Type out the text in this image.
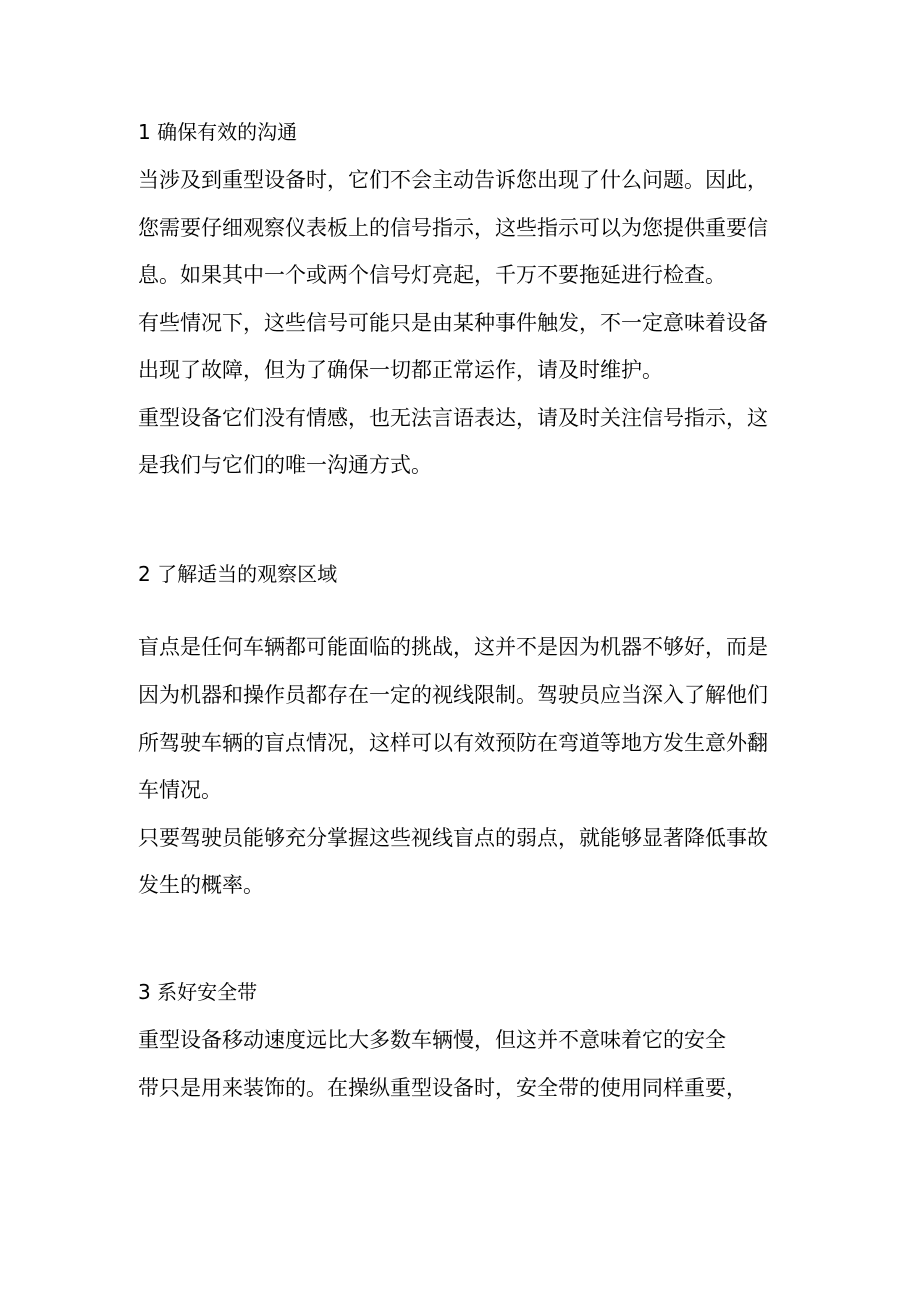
1 确保有效的沟通

当涉及到重型设备时，它们不会主动告诉您出现了什么问题。因此，

您需要仔细观察仪表板上的信号指示，这些指示可以为您提供重要信

息。如果其中一个或两个信号灯亮起，千万不要拖延进行检查。

有些情况下，这些信号可能只是由某种事件触发，不一定意味着设备

出现了故障，但为了确保一切都正常运作，请及时维护。

重型设备它们没有情感，也无法言语表达，请及时关注信号指示，这

是我们与它们的唯一沟通方式。

2 了解适当的观察区域

盲点是任何车辆都可能面临的挑战，这并不是因为机器不够好，而是

因为机器和操作员都存在一定的视线限制。驾驶员应当深入了解他们

所驾驶车辆的盲点情况，这样可以有效预防在弯道等地方发生意外翻

车情况。

只要驾驶员能够充分掌握这些视线盲点的弱点，就能够显著降低事故

发生的概率。

3 系好安全带

重型设备移动速度远比大多数车辆慢，但这并不意味着它的安全

带只是用来装饰的。在操纵重型设备时，安全带的使用同样重要，
